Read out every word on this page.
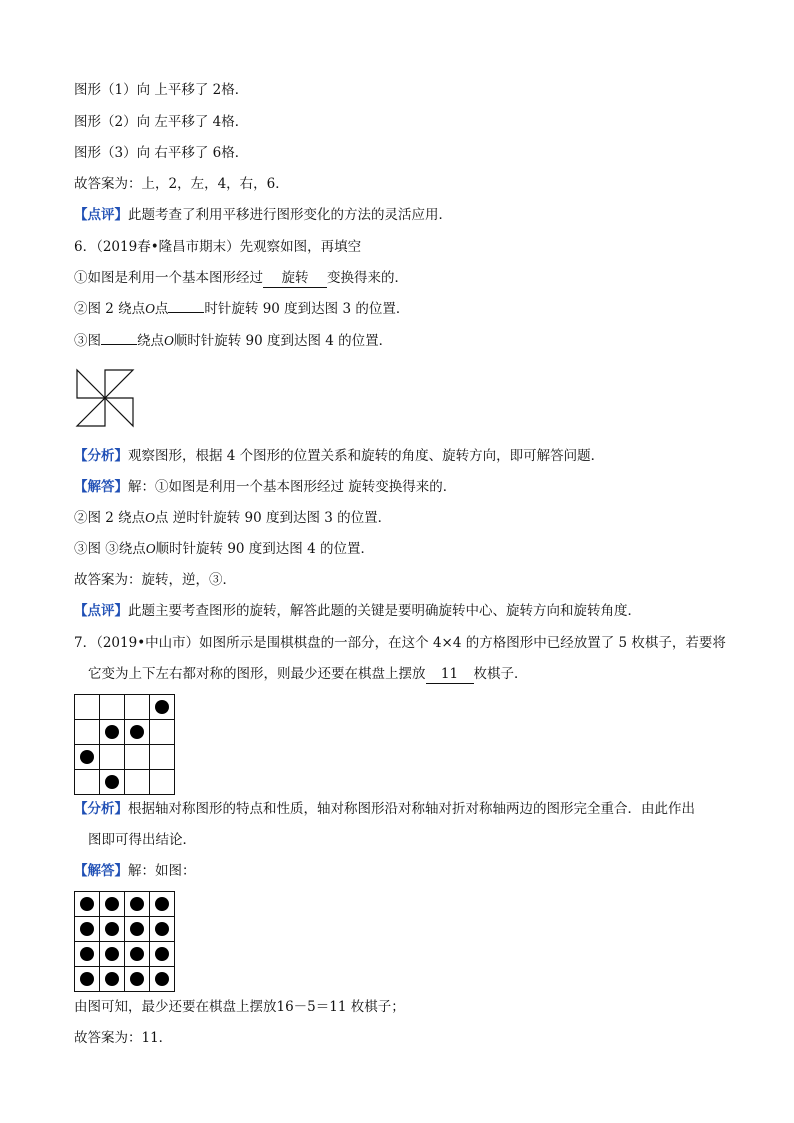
图形（1）向 上平移了 2格．
图形（2）向 左平移了 4格．
图形（3）向 右平移了 6格．
故答案为：上，2，左，4，右，6．
【点评】此题考查了利用平移进行图形变化的方法的灵活应用．
6．（2019春•隆昌市期末）先观察如图，再填空
①如图是利用一个基本图形经过 旋转 变换得来的．
②图 2 绕点O点	时针旋转 90 度到达图 3 的位置．
③图	绕点O顺时针旋转 90 度到达图 4 的位置．
【分析】观察图形，根据 4 个图形的位置关系和旋转的角度、旋转方向，即可解答问题．
【解答】解：①如图是利用一个基本图形经过 旋转变换得来的．
②图 2 绕点O点 逆时针旋转 90 度到达图 3 的位置．
③图 ③绕点O顺时针旋转 90 度到达图 4 的位置．
故答案为：旋转，逆，③．
【点评】此题主要考查图形的旋转，解答此题的关键是要明确旋转中心、旋转方向和旋转角度．
7．（2019•中山市）如图所示是围棋棋盘的一部分，在这个 4×4 的方格图形中已经放置了 5 枚棋子，若要将
它变为上下左右都对称的图形，则最少还要在棋盘上摆放 11 枚棋子．

【分析】根据轴对称图形的特点和性质，轴对称图形沿对称轴对折对称轴两边的图形完全重合．由此作出
图即可得出结论．
【解答】解：如图：

由图可知，最少还要在棋盘上摆放16－5＝11 枚棋子；
故答案为：11．
